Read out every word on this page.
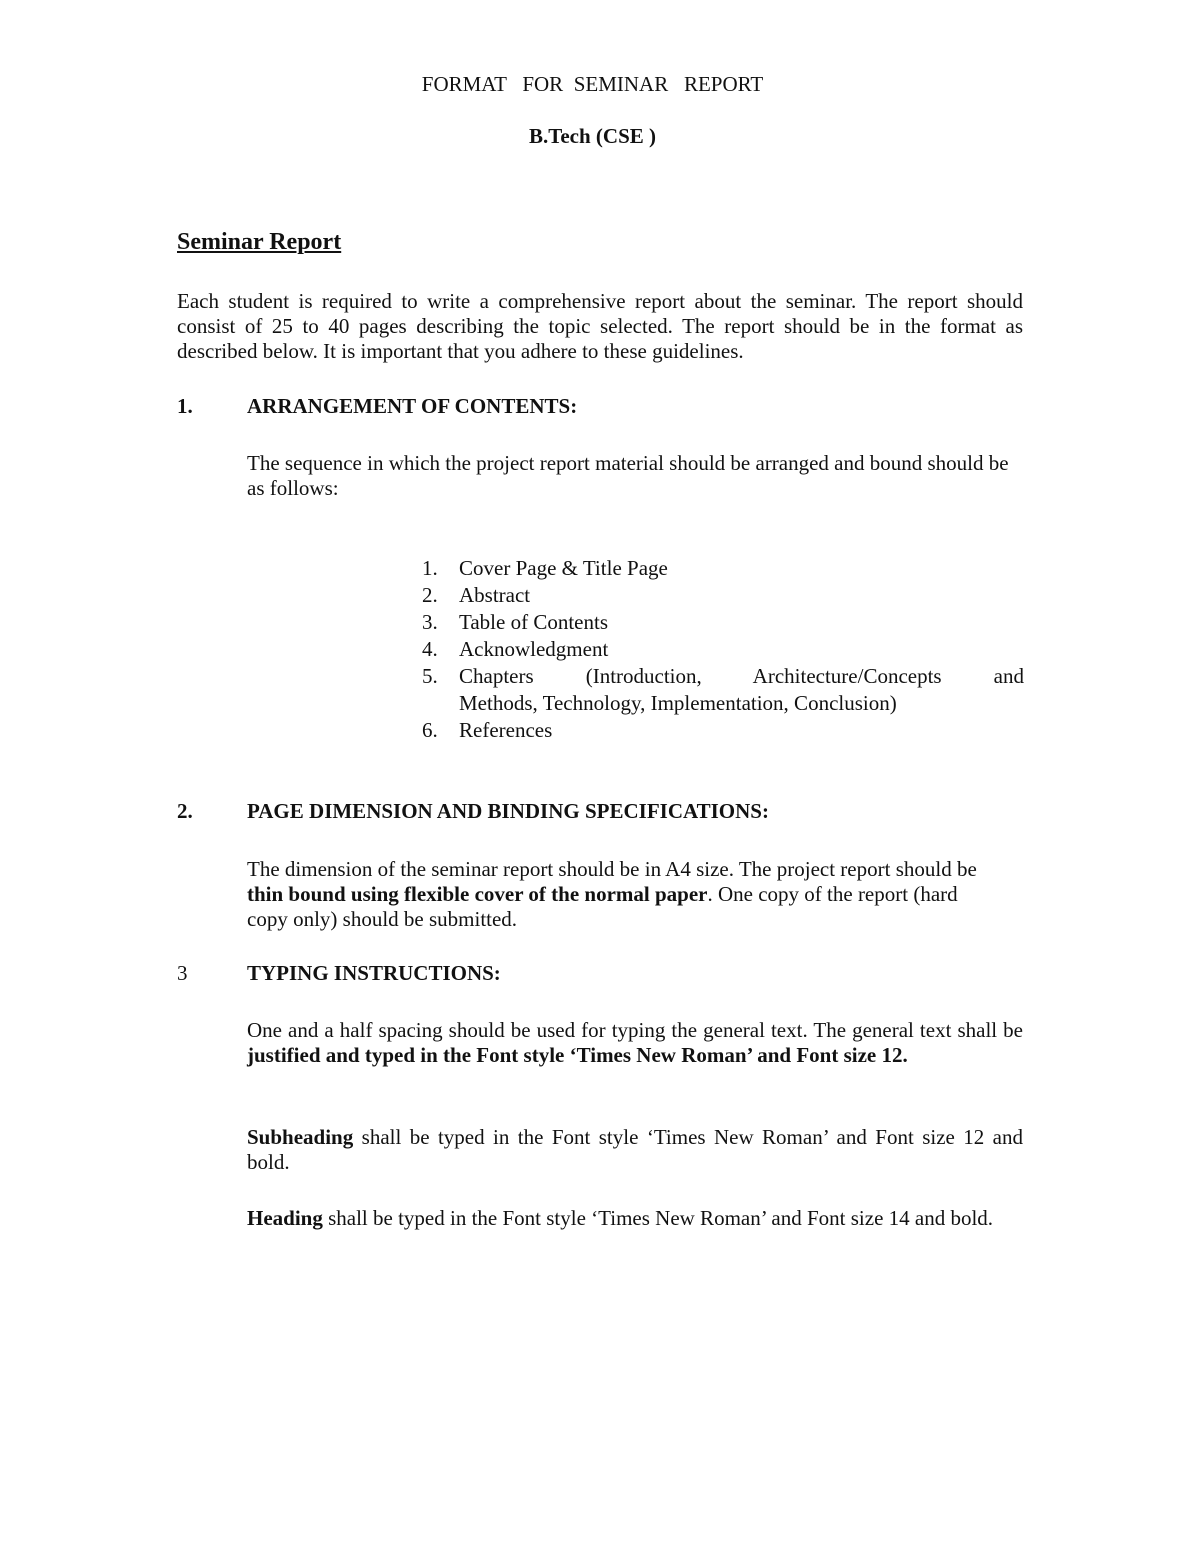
FORMAT   FOR  SEMINAR   REPORT
B.Tech (CSE )
Seminar Report

Each student is required to write a comprehensive report about the seminar. The report should consist of 25 to 40 pages describing the topic selected. The report should be in the format as described below. It is important that you adhere to these guidelines.

1.	ARRANGEMENT OF CONTENTS:

The sequence in which the project report material should be arranged and bound should be as follows:

1. Cover Page & Title Page
2. Abstract
3. Table of Contents
4. Acknowledgment
5. Chapters (Introduction, Architecture/Concepts and
Methods, Technology, Implementation, Conclusion)
6. References
2.	PAGE DIMENSION AND BINDING SPECIFICATIONS:

The dimension of the seminar report should be in A4 size. The project report should be thin bound using flexible cover of the normal paper. One copy of the report (hard copy only) should be submitted.

3	TYPING INSTRUCTIONS:

One and a half spacing should be used for typing the general text. The general text shall be justified and typed in the Font style ‘Times New Roman’ and Font size 12.

Subheading shall be typed in the Font style ‘Times New Roman’ and Font size 12 and bold.

Heading shall be typed in the Font style ‘Times New Roman’ and Font size 14 and bold.
